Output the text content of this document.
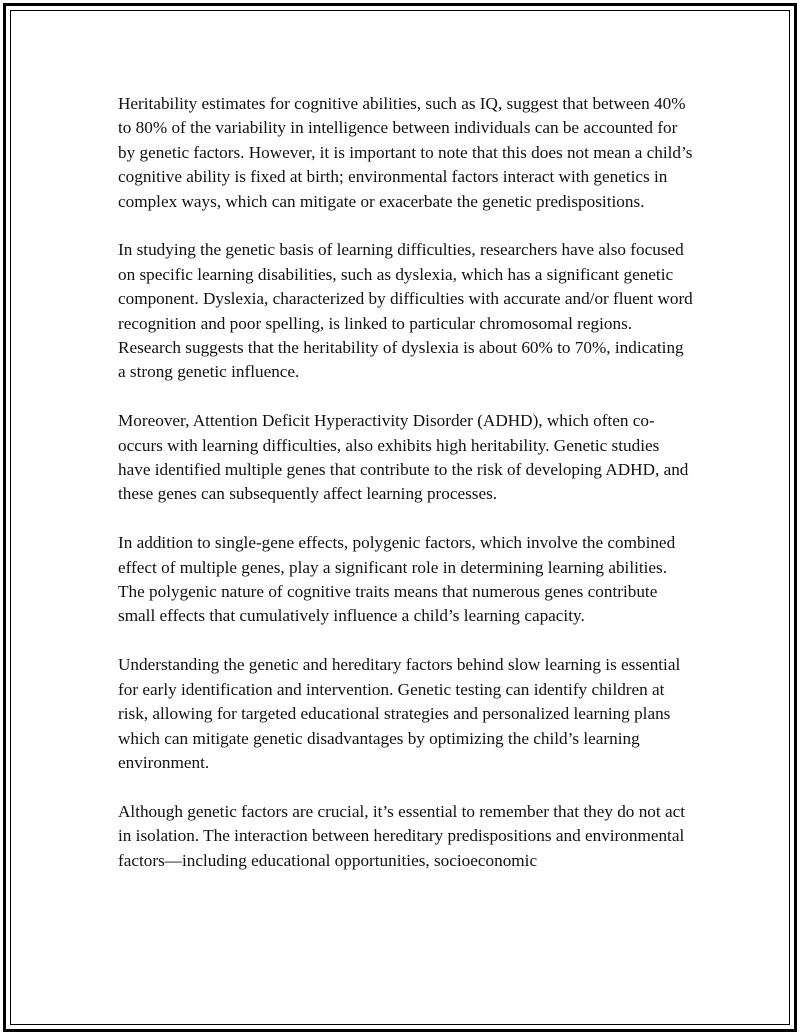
Heritability estimates for cognitive abilities, such as IQ, suggest that between 40% to 80% of the variability in intelligence between individuals can be accounted for by genetic factors. However, it is important to note that this does not mean a child’s cognitive ability is fixed at birth; environmental factors interact with genetics in complex ways, which can mitigate or exacerbate the genetic predispositions.

In studying the genetic basis of learning difficulties, researchers have also focused on specific learning disabilities, such as dyslexia, which has a significant genetic component. Dyslexia, characterized by difficulties with accurate and/or fluent word recognition and poor spelling, is linked to particular chromosomal regions. Research suggests that the heritability of dyslexia is about 60% to 70%, indicating a strong genetic influence.

Moreover, Attention Deficit Hyperactivity Disorder (ADHD), which often co-occurs with learning difficulties, also exhibits high heritability. Genetic studies have identified multiple genes that contribute to the risk of developing ADHD, and these genes can subsequently affect learning processes.

In addition to single-gene effects, polygenic factors, which involve the combined effect of multiple genes, play a significant role in determining learning abilities. The polygenic nature of cognitive traits means that numerous genes contribute small effects that cumulatively influence a child’s learning capacity.

Understanding the genetic and hereditary factors behind slow learning is essential for early identification and intervention. Genetic testing can identify children at risk, allowing for targeted educational strategies and personalized learning plans which can mitigate genetic disadvantages by optimizing the child’s learning environment.

Although genetic factors are crucial, it’s essential to remember that they do not act in isolation. The interaction between hereditary predispositions and environmental factors—including educational opportunities, socioeconomic
